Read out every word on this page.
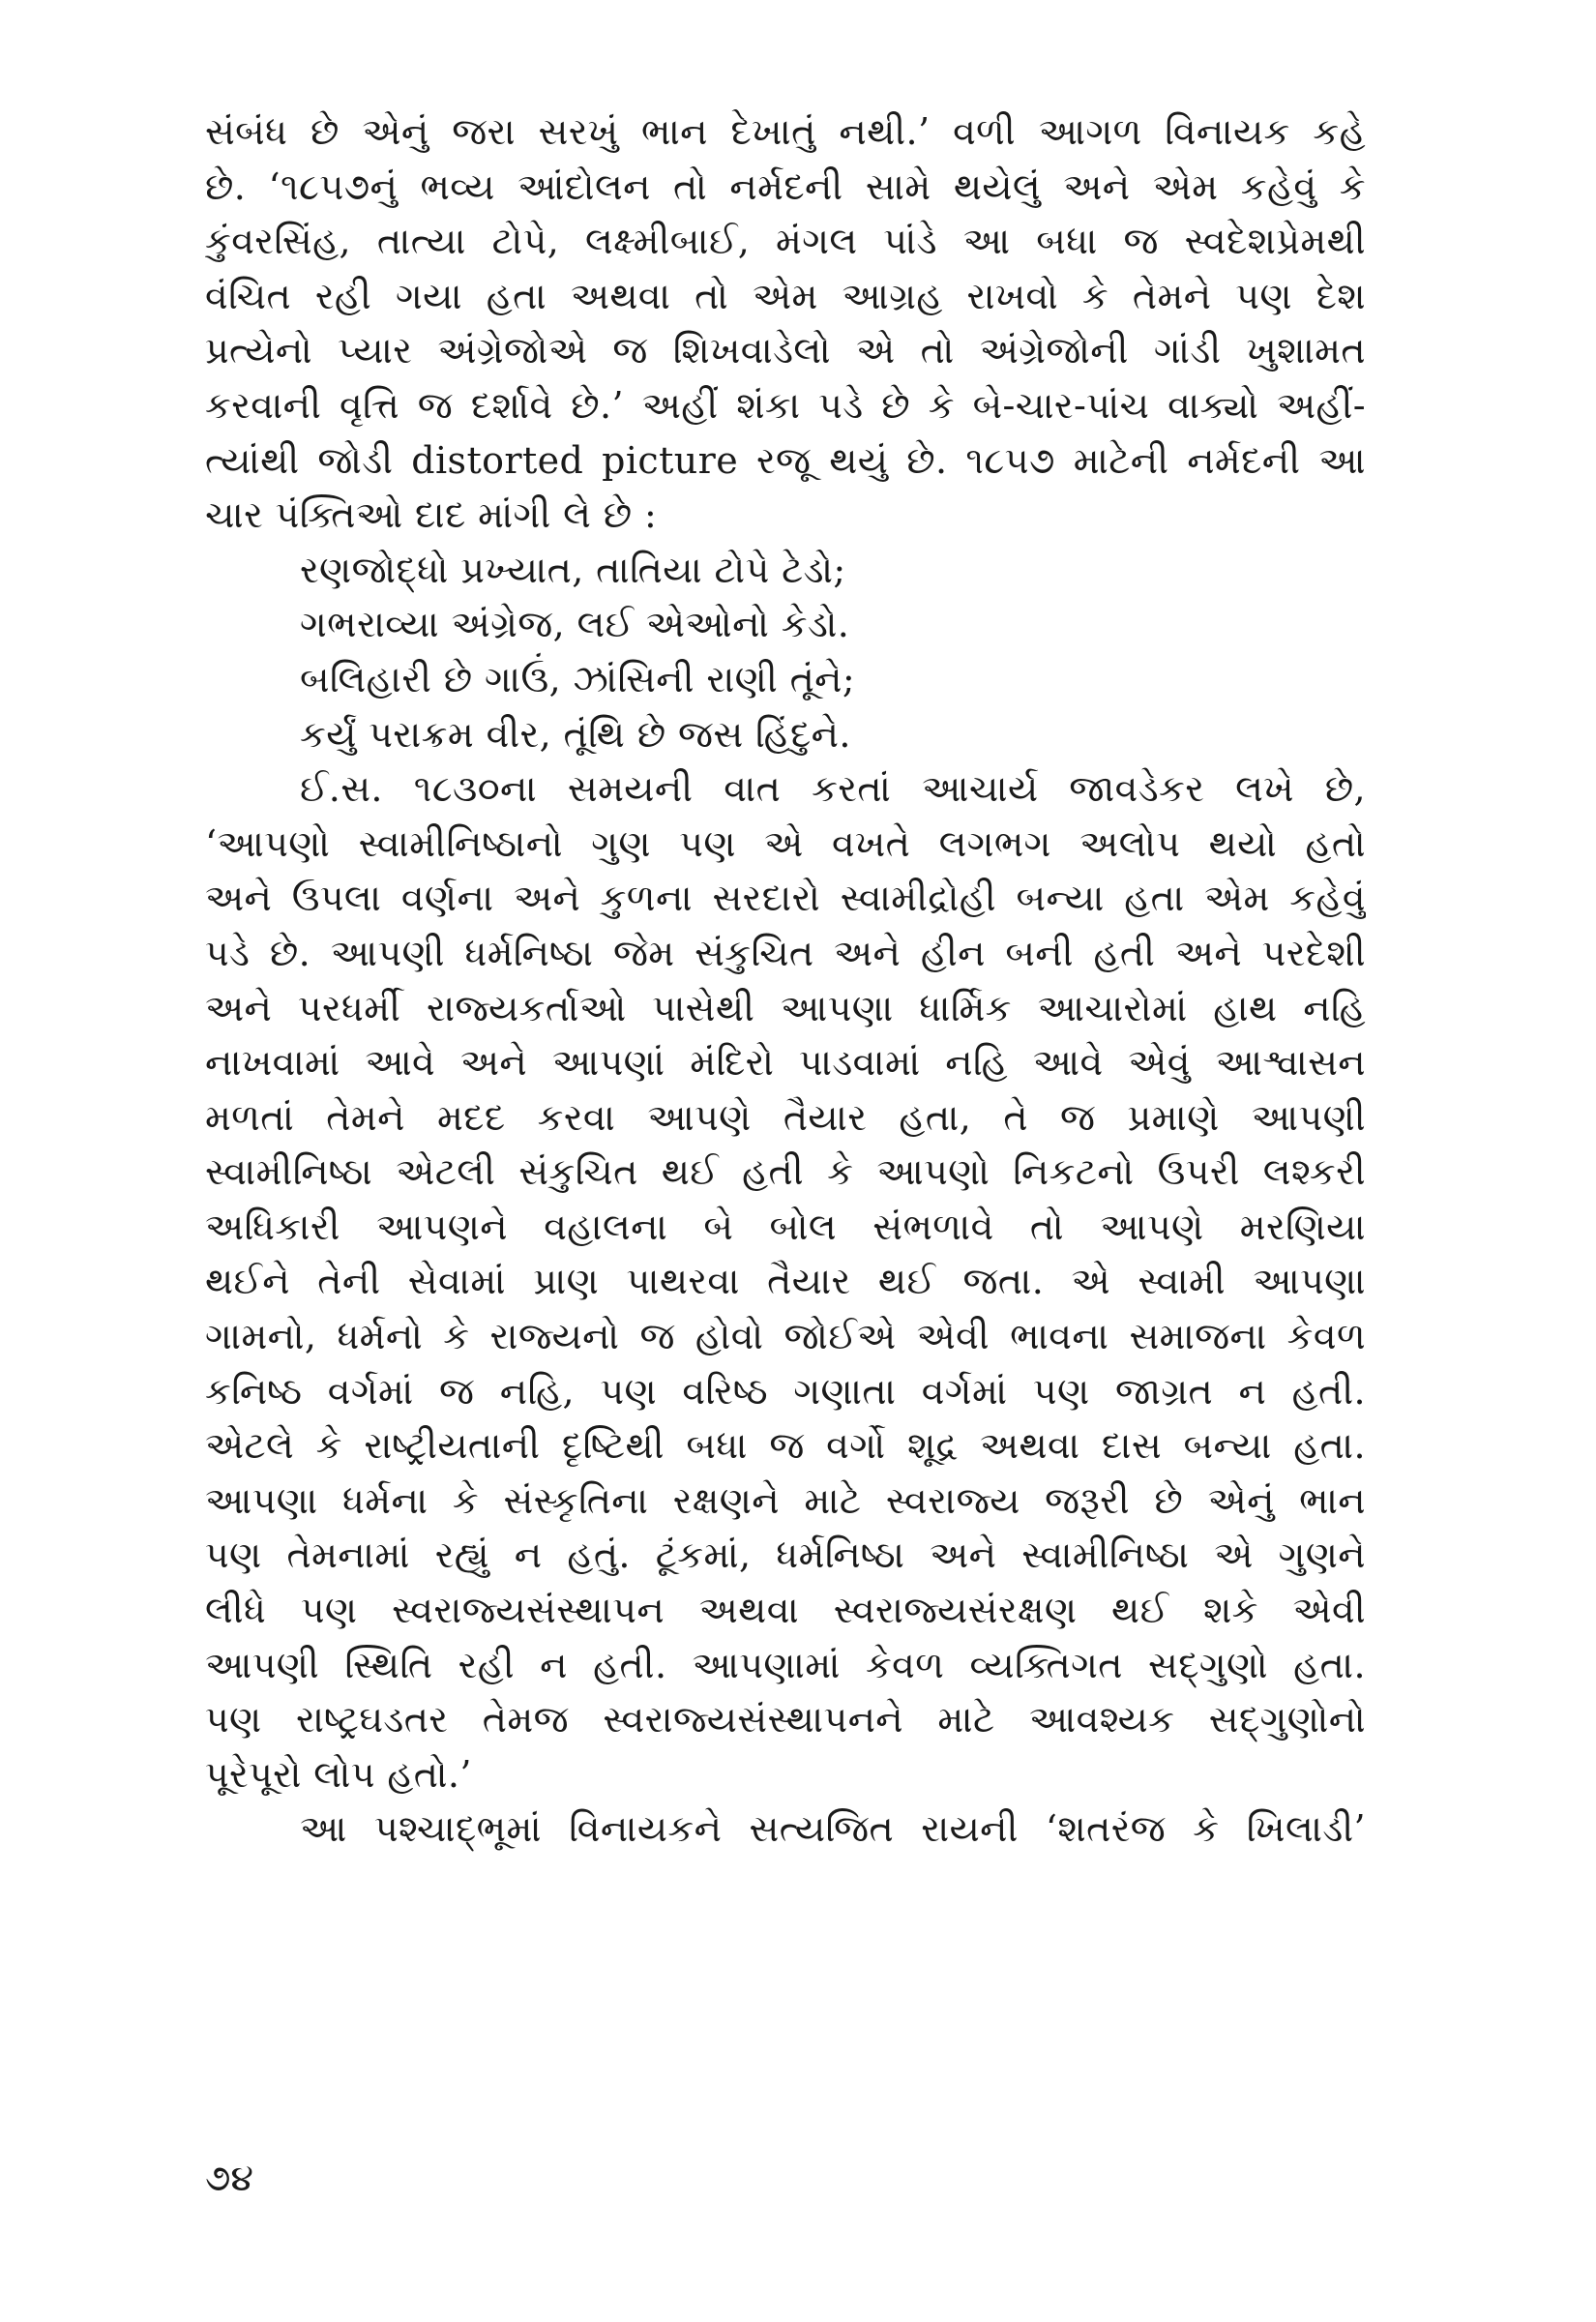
સંબંધ છે એનું જરા સરખું ભાન દેખાતું નથી.’ વળી આગળ વિનાયક કહે
છે. ‘૧૮૫૭નું ભવ્ય આંદોલન તો નર્મદની સામે થયેલું અને એમ કહેવું કે
કુંવરસિંહ, તાત્યા ટોપે, લક્ષ્મીબાઈ, મંગલ પાંડે આ બધા જ સ્વદેશપ્રેમથી
વંચિત રહી ગયા હતા અથવા તો એમ આગ્રહ રાખવો કે તેમને પણ દેશ
પ્રત્યેનો પ્યાર અંગ્રેજોએ જ શિખવાડેલો એ તો અંગ્રેજોની ગાંડી ખુશામત
કરવાની વૃત્તિ જ દર્શાવે છે.’ અહીં શંકા પડે છે કે બે-ચાર-પાંચ વાક્યો અહીં-
ત્યાંથી જોડી distorted picture રજૂ થયું છે. ૧૮૫૭ માટેની નર્મદની આ
ચાર પંક્તિઓ દાદ માંગી લે છે :
રણજોદ્ધો પ્રખ્યાત, તાતિયા ટોપે ટેડો;
ગભરાવ્યા અંગ્રેજ, લઈ એઓનો કેડો.
બલિહારી છે ગાઉં, ઝાંસિની રાણી તૂંને;
કર્યું પરાક્રમ વીર, તૂંથિ છે જસ હિંદુને.
ઈ.સ. ૧૮૩૦ના સમયની વાત કરતાં આચાર્ય જાવડેકર લખે છે,
‘આપણો સ્વામીનિષ્ઠાનો ગુણ પણ એ વખતે લગભગ અલોપ થયો હતો
અને ઉપલા વર્ણના અને કુળના સરદારો સ્વામીદ્રોહી બન્યા હતા એમ કહેવું
પડે છે. આપણી ધર્મનિષ્ઠા જેમ સંકુચિત અને હીન બની હતી અને પરદેશી
અને પરધર્મી રાજ્યકર્તાઓ પાસેથી આપણા ધાર્મિક આચારોમાં હાથ નહિ
નાખવામાં આવે અને આપણાં મંદિરો પાડવામાં નહિ આવે એવું આશ્વાસન
મળતાં તેમને મદદ કરવા આપણે તૈયાર હતા, તે જ પ્રમાણે આપણી
સ્વામીનિષ્ઠા એટલી સંકુચિત થઈ હતી કે આપણો નિકટનો ઉપરી લશ્કરી
અધિકારી આપણને વહાલના બે બોલ સંભળાવે તો આપણે મરણિયા
થઈને તેની સેવામાં પ્રાણ પાથરવા તૈયાર થઈ જતા. એ સ્વામી આપણા
ગામનો, ધર્મનો કે રાજ્યનો જ હોવો જોઈએ એવી ભાવના સમાજના કેવળ
કનિષ્ઠ વર્ગમાં જ નહિ, પણ વરિષ્ઠ ગણાતા વર્ગમાં પણ જાગ્રત ન હતી.
એટલે કે રાષ્ટ્રીયતાની દૃષ્ટિથી બધા જ વર્ગો શૂદ્ર અથવા દાસ બન્યા હતા.
આપણા ધર્મના કે સંસ્કૃતિના રક્ષણને માટે સ્વરાજ્ય જરૂરી છે એનું ભાન
પણ તેમનામાં રહ્યું ન હતું. ટૂંકમાં, ધર્મનિષ્ઠા અને સ્વામીનિષ્ઠા એ ગુણને
લીધે પણ સ્વરાજ્યસંસ્થાપન અથવા સ્વરાજ્યસંરક્ષણ થઈ શકે એવી
આપણી સ્થિતિ રહી ન હતી. આપણામાં કેવળ વ્યક્તિગત સદ્‌ગુણો હતા.
પણ રાષ્ટ્રઘડતર તેમજ સ્વરાજ્યસંસ્થાપનને માટે આવશ્યક સદ્‌ગુણોનો
પૂરેપૂરો લોપ હતો.’
આ પશ્ચાદ્‌ભૂમાં વિનાયકને સત્યજિત રાયની ‘શતરંજ કે ખિલાડી’
૭૪
